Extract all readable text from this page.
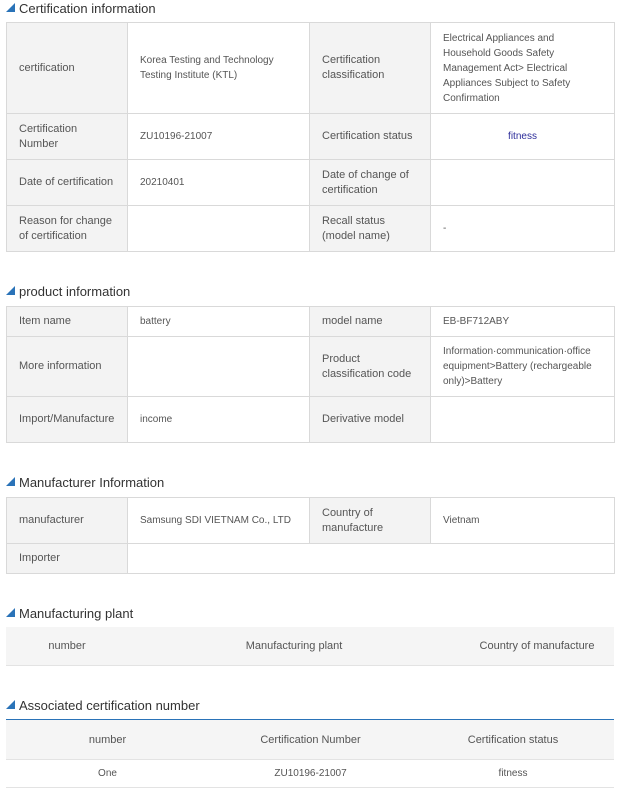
Certification information
certification	Korea Testing and Technology Testing Institute (KTL)	Certification classification	Electrical Appliances and Household Goods Safety Management Act> Electrical Appliances Subject to Safety Confirmation
Certification Number	ZU10196-21007	Certification status	fitness
Date of certification	20210401	Date of change of certification	
Reason for change of certification		Recall status (model name)	-
product information
Item name	battery	model name	EB-BF712ABY
More information		Product classification code	Information·communication·office equipment>Battery (rechargeable only)>Battery
Import/Manufacture	income	Derivative model	
Manufacturer Information
manufacturer	Samsung SDI VIETNAM Co., LTD	Country of manufacture	Vietnam
Importer			
Manufacturing plant
number	Manufacturing plant	Country of manufacture
Associated certification number
number	Certification Number	Certification status
One	ZU10196-21007	fitness
